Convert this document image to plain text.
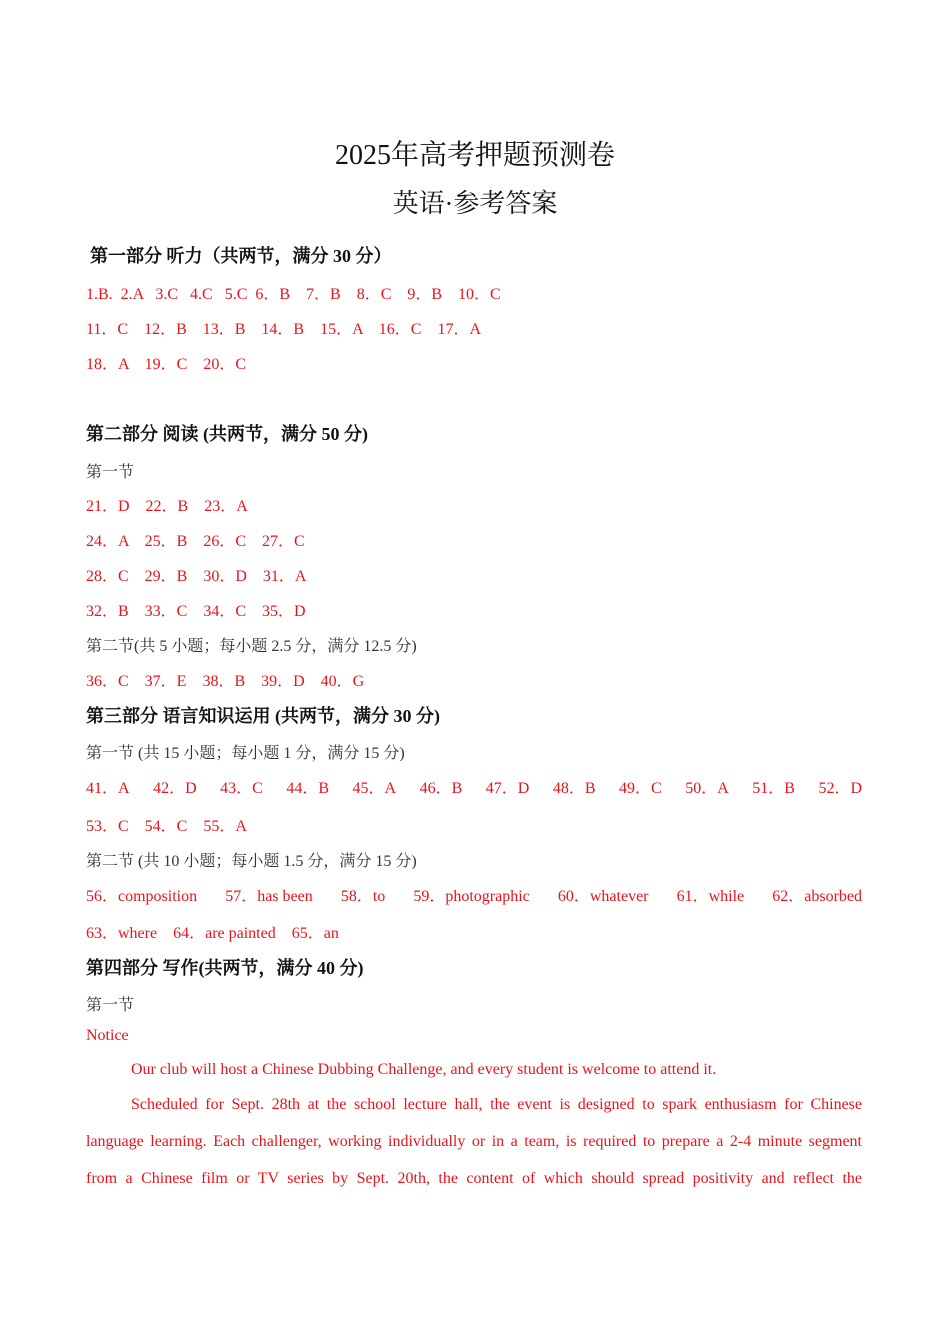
2025年高考押题预测卷
英语·参考答案
第一部分 听力（共两节，满分 30 分）
1.B.  2.A   3.C   4.C   5.C  6．B    7．B    8．C    9．B    10．C
11．C    12．B    13．B    14．B    15．A    16．C    17．A
18．A    19．C    20．C
第二部分 阅读 (共两节，满分 50 分)
第一节
21．D    22．B    23．A
24．A    25．B    26．C    27．C
28．C    29．B    30．D    31．A
32．B    33．C    34．C    35．D
第二节(共 5 小题；每小题 2.5 分，满分 12.5 分)
36．C    37．E    38．B    39．D    40．G
第三部分 语言知识运用 (共两节，满分 30 分)
第一节 (共 15 小题；每小题 1 分，满分 15 分)
41．A 42．D 43．C 44．B 45．A 46．B 47．D 48．B 49．C 50．A 51．B 52．D
53．C    54．C    55．A
第二节 (共 10 小题；每小题 1.5 分，满分 15 分)
56．composition 57．has been 58．to 59．photographic 60．whatever 61．while 62．absorbed
63．where    64．are painted    65．an
第四部分 写作(共两节，满分 40 分)
第一节
Notice
Our club will host a Chinese Dubbing Challenge, and every student is welcome to attend it.
Scheduled for Sept. 28th at the school lecture hall, the event is designed to spark enthusiasm for Chinese
language learning. Each challenger, working individually or in a team, is required to prepare a 2-4 minute segment
from a Chinese film or TV series by Sept. 20th, the content of which should spread positivity and reflect the
